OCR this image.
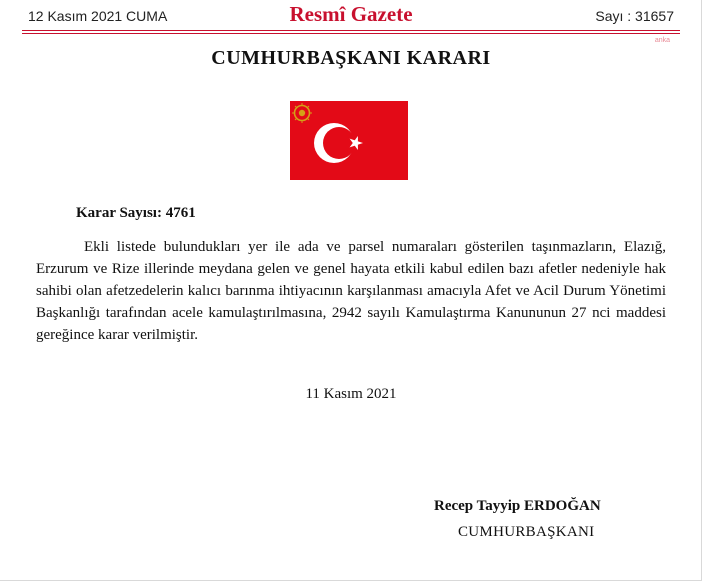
12 Kasım 2021 CUMA	Resmî Gazete	Sayı : 31657
anka
CUMHURBAŞKANI KARARI
Karar Sayısı: 4761
Ekli listede bulundukları yer ile ada ve parsel numaraları gösterilen taşınmazların, Elazığ, Erzurum ve Rize illerinde meydana gelen ve genel hayata etkili kabul edilen bazı afetler nedeniyle hak sahibi olan afetzedelerin kalıcı barınma ihtiyacının karşılanması amacıyla Afet ve Acil Durum Yönetimi Başkanlığı tarafından acele kamulaştırılmasına, 2942 sayılı Kamulaştırma Kanununun 27 nci maddesi gereğince karar verilmiştir.
11 Kasım 2021
Recep Tayyip ERDOĞAN
CUMHURBAŞKANI
